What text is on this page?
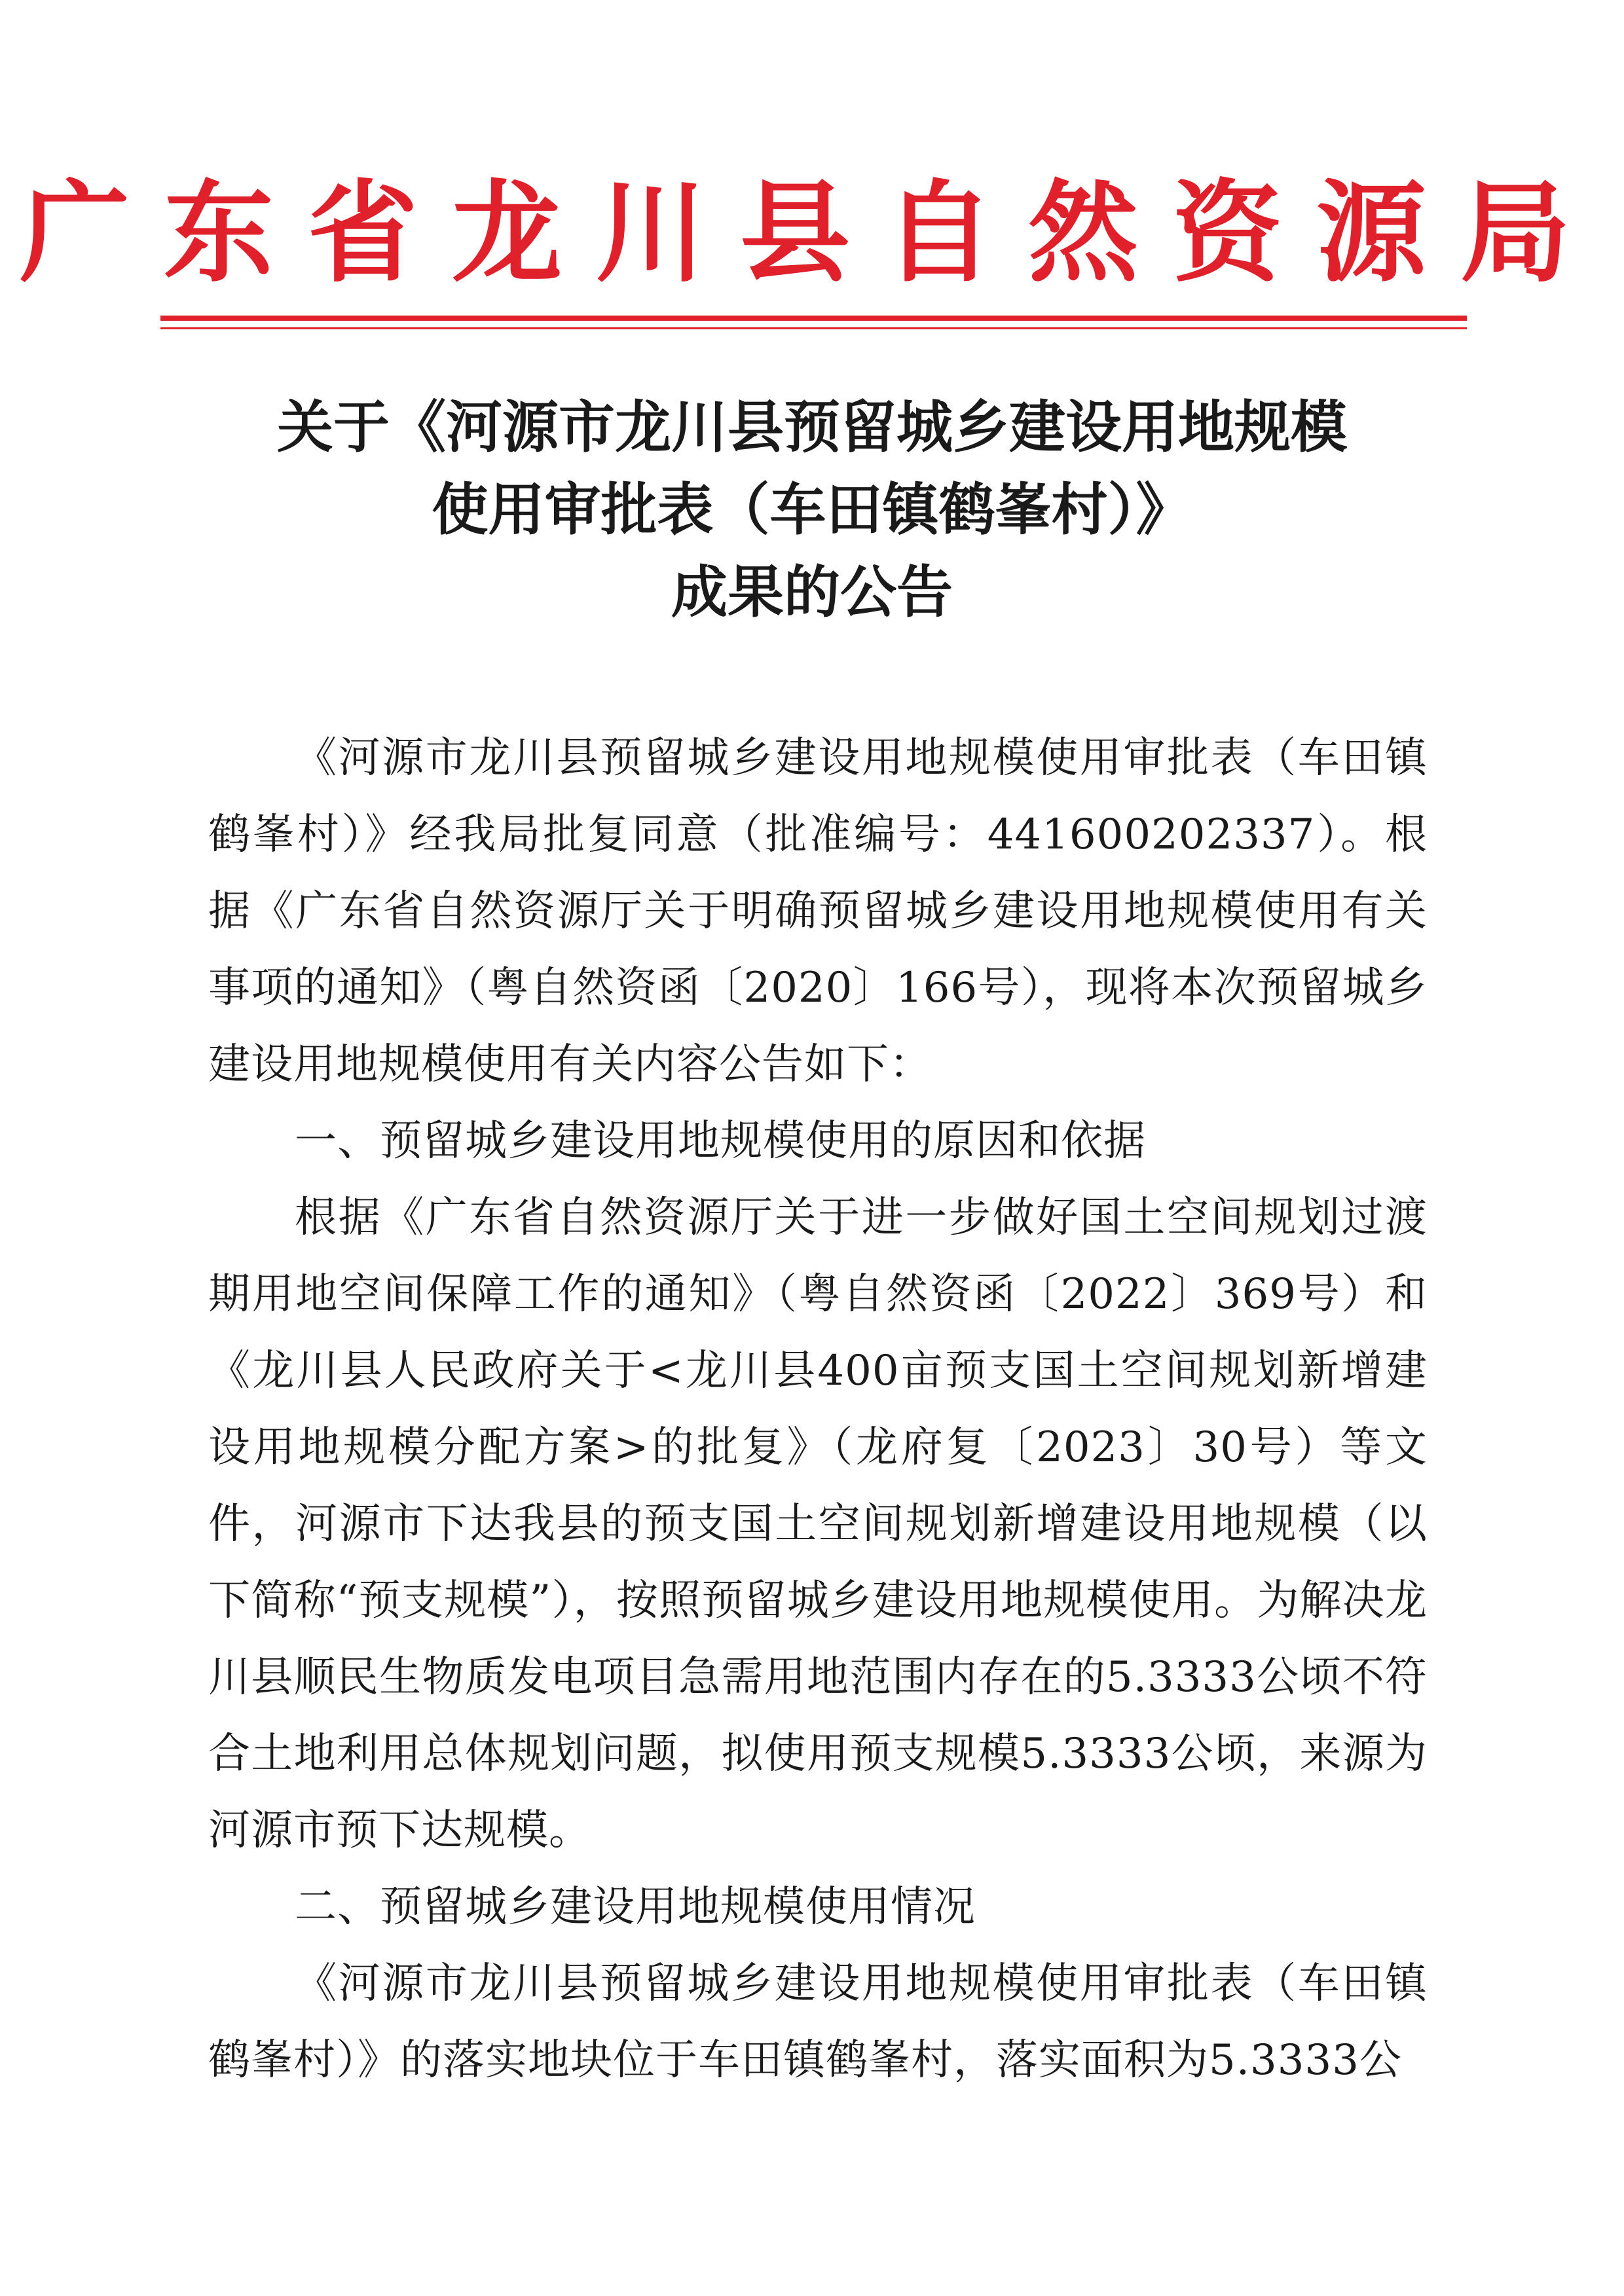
广东省龙川县自然资源局
关于《河源市龙川县预留城乡建设用地规模
使用审批表（车田镇鹤峯村）》
成果的公告

《河源市龙川县预留城乡建设用地规模使用审批表（车田镇鹤峯村）》经我局批复同意（批准编号：441600202337）。根据《广东省自然资源厅关于明确预留城乡建设用地规模使用有关事项的通知》（粤自然资函〔2020〕166号），现将本次预留城乡建设用地规模使用有关内容公告如下：

一、预留城乡建设用地规模使用的原因和依据

根据《广东省自然资源厅关于进一步做好国土空间规划过渡期用地空间保障工作的通知》（粤自然资函〔2022〕369号）和《龙川县人民政府关于<龙川县400亩预支国土空间规划新增建设用地规模分配方案>的批复》（龙府复〔2023〕30号）等文件，河源市下达我县的预支国土空间规划新增建设用地规模（以下简称“预支规模”），按照预留城乡建设用地规模使用。为解决龙川县顺民生物质发电项目急需用地范围内存在的5.3333公顷不符合土地利用总体规划问题，拟使用预支规模5.3333公顷，来源为河源市预下达规模。

二、预留城乡建设用地规模使用情况

《河源市龙川县预留城乡建设用地规模使用审批表（车田镇鹤峯村）》的落实地块位于车田镇鹤峯村，落实面积为5.3333公
